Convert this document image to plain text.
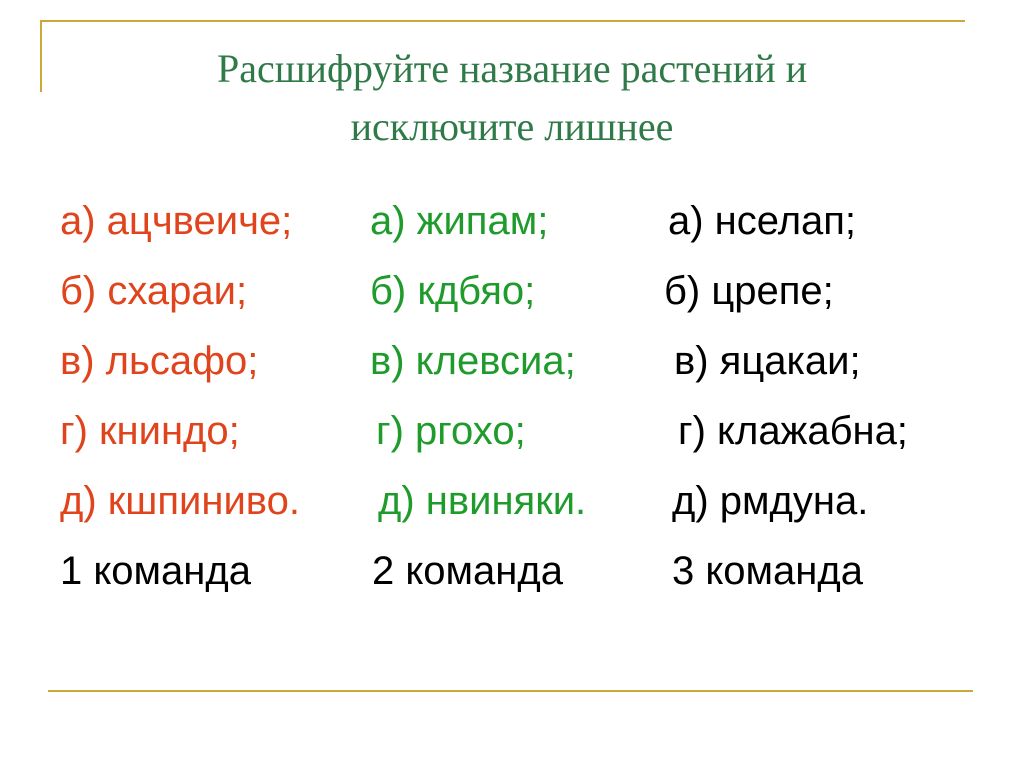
Расшифруйте название растений и
исключите лишнее
а) ацчвеиче;
б) схараи;
в) льсафо;
г) книндо;
д) кшпиниво.
1 команда
а) жипам;
б) кдбяо;
в) клевсиа;
г) ргохо;
д) нвиняки.
2 команда
а) нселап;
б) црепе;
в) яцакаи;
г) клажабна;
д) рмдуна.
3 команда
